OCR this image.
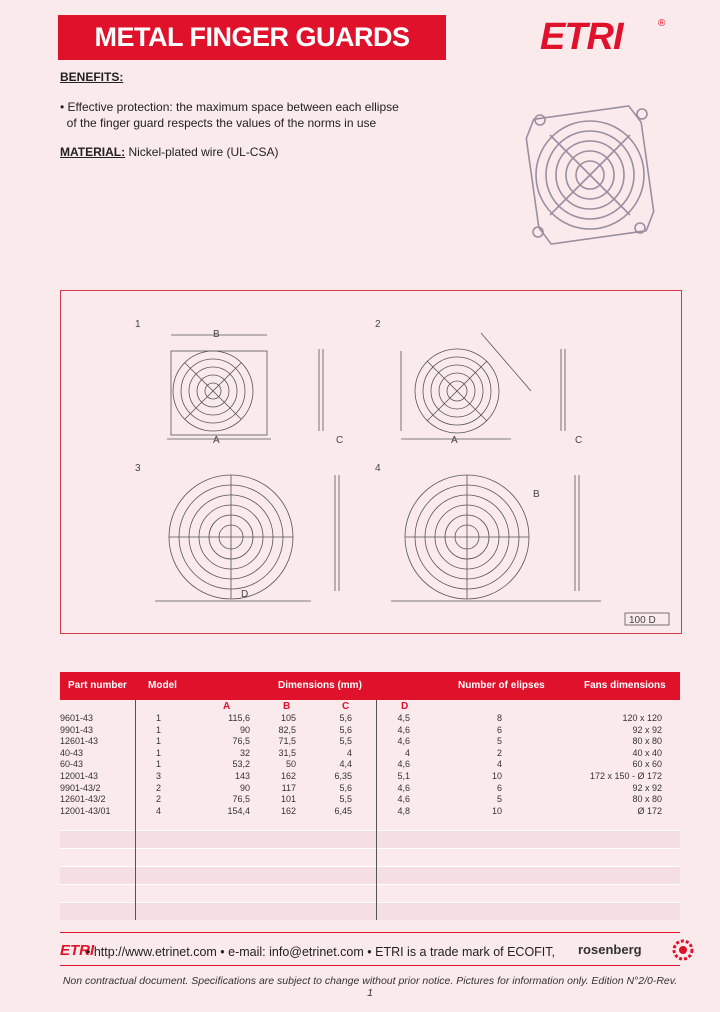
METAL FINGER GUARDS	ETRI	®
BENEFITS:
• Effective protection: the maximum space between each ellipse
of the finger guard respects the values of the norms in use
MATERIAL: Nickel-plated wire (UL-CSA)
1	2
3	4
B
A	C	A	C
D
B
100 D
Part number Model	Dimensions (mm)	Number of elipses	Fans dimensions
A	B	C	D
9601-43	1	115,6	105	5,6	4,5	8	120 x 120
9901-43	1	90	82,5	5,6	4,6	6	92 x 92
12601-43	1	76,5	71,5	5,5	4,6	5	80 x 80
40-43	1	32	31,5	4	4	2	40 x 40
60-43	1	53,2	50	4,4	4,6	4	60 x 60
12001-43	3	143	162	6,35	5,1	10	172 x 150 - Ø 172
9901-43/2	2	90	117	5,6	4,6	6	92 x 92
12601-43/2	2	76,5	101	5,5	4,6	5	80 x 80
12001-43/01	4	154,4	162	6,45	4,8	10	Ø 172
ETRI
• http://www.etrinet.com • e-mail: info@etrinet.com • ETRI is a trade mark of ECOFIT, rosenberg
Non contractual document. Specifications are subject to change without prior notice. Pictures for information only. Edition N°2/0-Rev. 1
